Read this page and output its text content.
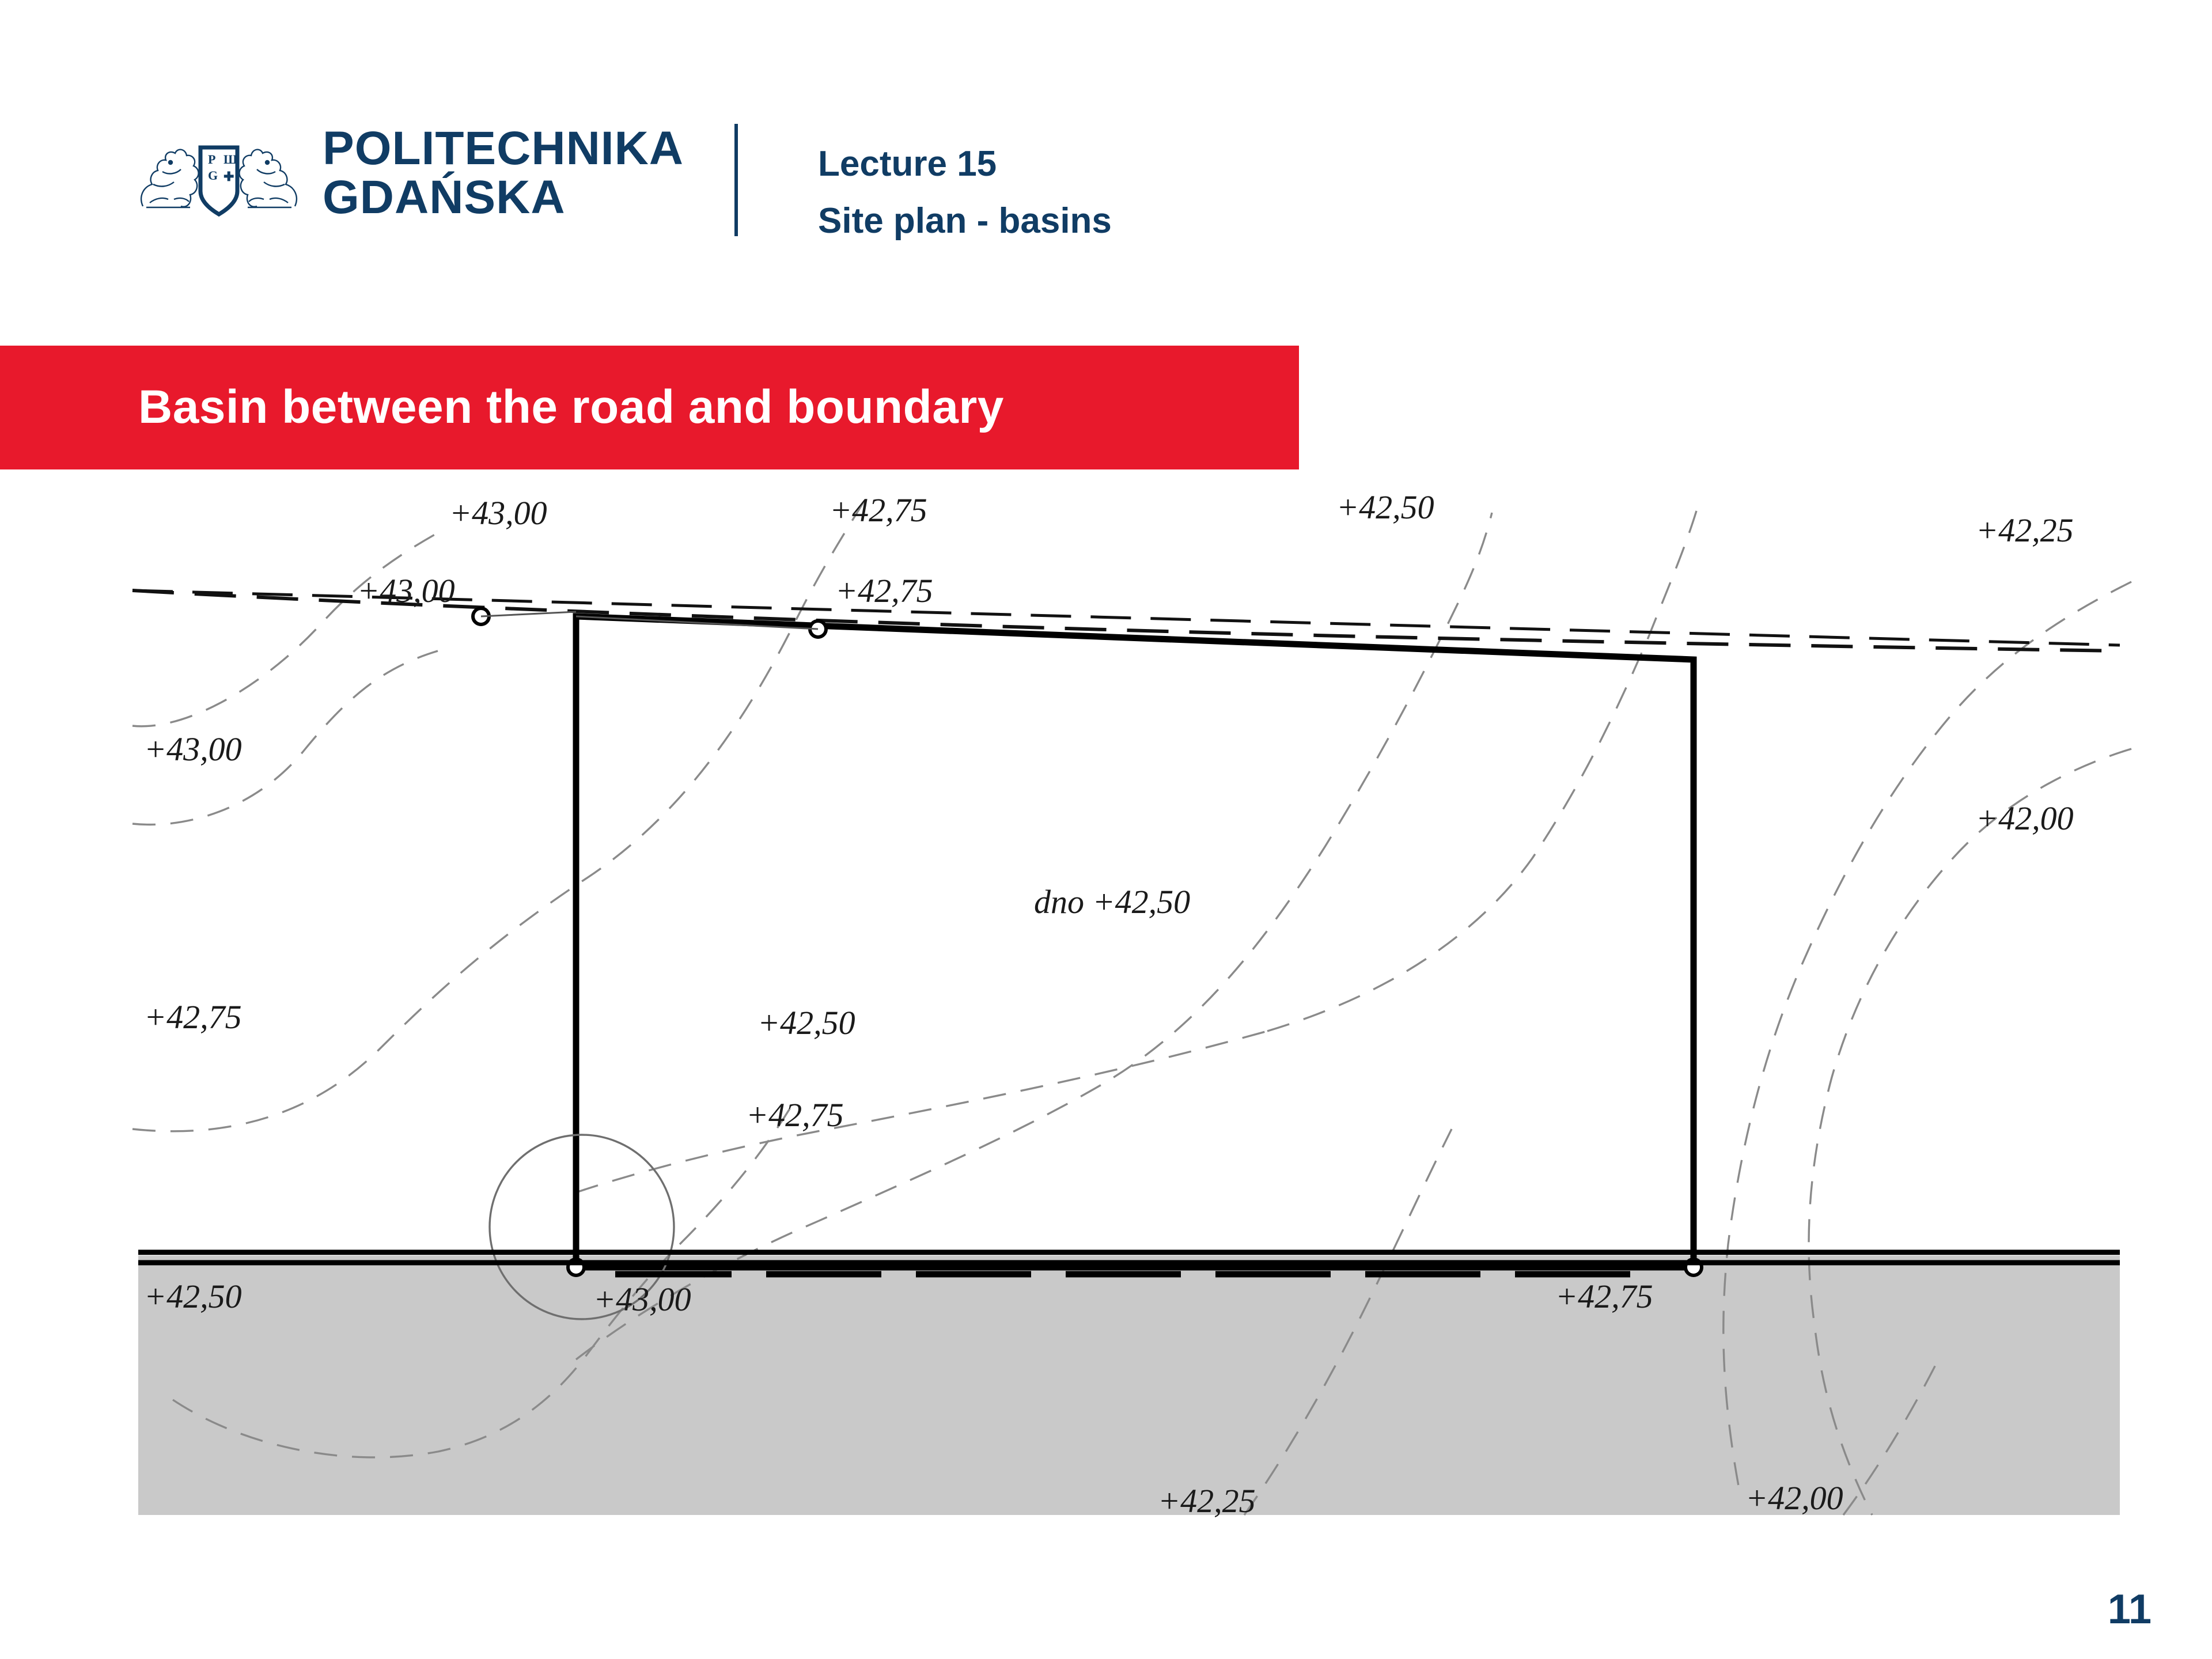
P
G
Ш
✚
POLITECHNIKA
GDAŃSKA
Lecture 15
Site plan - basins
Basin between the road and boundary
+43,00	+42,75	+42,50
+42,25
+43,00	+42,75
+43,00
+42,75
+42,50
+42,00
dno +42,50
+42,50
+42,75
+43,00	+42,75
+42,25	+42,00
11
